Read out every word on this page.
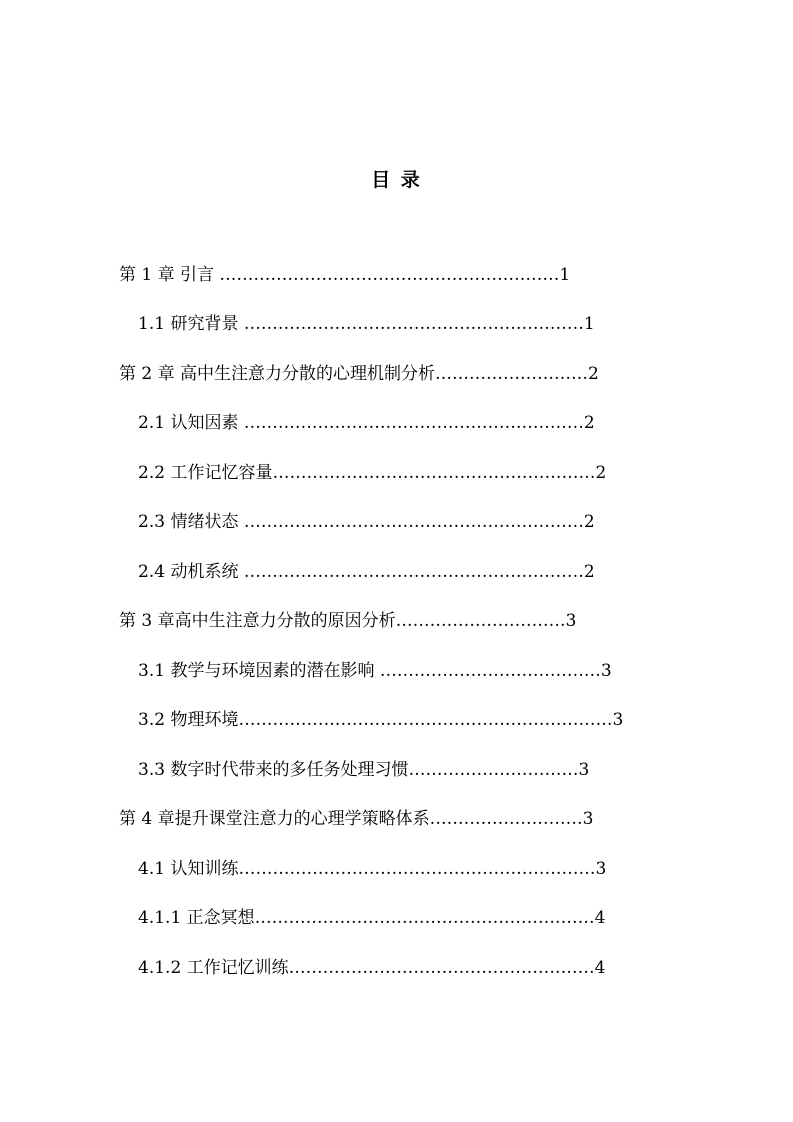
目 录
第 1 章 引言 ……………………………………………………1
1.1 研究背景 ……………………………………………………1
第 2 章 高中生注意力分散的心理机制分析………………………2
2.1 认知因素 ……………………………………………………2
2.2 工作记忆容量…………………………………………………2
2.3 情绪状态 ……………………………………………………2
2.4 动机系统 ……………………………………………………2
第 3 章高中生注意力分散的原因分析…………………………3
3.1 教学与环境因素的潜在影响 …………………………………3
3.2 物理环境…………………………………………………………3
3.3 数字时代带来的多任务处理习惯…………………………3
第 4 章提升课堂注意力的心理学策略体系………………………3
4.1 认知训练………………………………………………………3
4.1.1 正念冥想……………………………………………………4
4.1.2 工作记忆训练………………………………………………4
